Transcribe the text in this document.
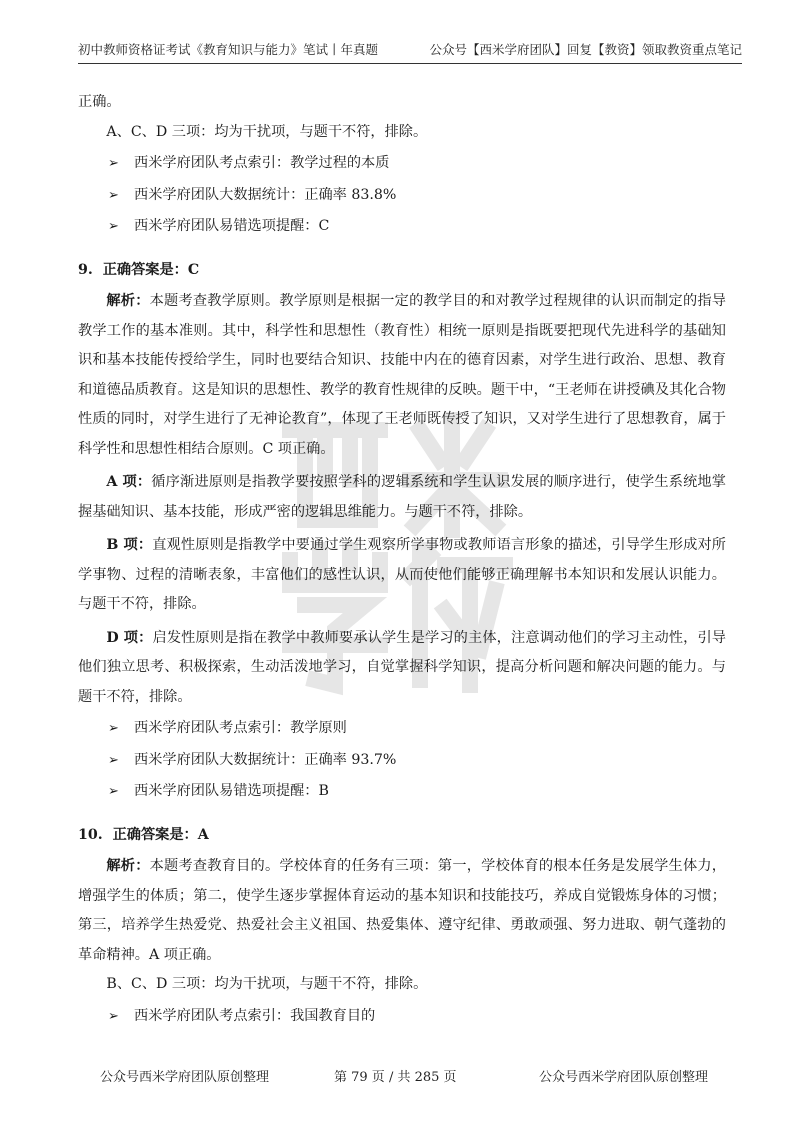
初中教师资格证考试《教育知识与能力》笔试丨年真题	公众号【西米学府团队】回复【教资】领取教资重点笔记

正确。

A、C、D 三项：均为干扰项，与题干不符，排除。

➢ 西米学府团队考点索引：教学过程的本质
➢ 西米学府团队大数据统计：正确率 83.8%
➢ 西米学府团队易错选项提醒：C

9. 正确答案是：C

解析：本题考查教学原则。教学原则是根据一定的教学目的和对教学过程规律的认识而制定的指导教学工作的基本准则。其中，科学性和思想性（教育性）相统一原则是指既要把现代先进科学的基础知识和基本技能传授给学生，同时也要结合知识、技能中内在的德育因素，对学生进行政治、思想、教育和道德品质教育。这是知识的思想性、教学的教育性规律的反映。题干中，“王老师在讲授碘及其化合物性质的同时，对学生进行了无神论教育”，体现了王老师既传授了知识，又对学生进行了思想教育，属于科学性和思想性相结合原则。C 项正确。

A 项：循序渐进原则是指教学要按照学科的逻辑系统和学生认识发展的顺序进行，使学生系统地掌握基础知识、基本技能，形成严密的逻辑思维能力。与题干不符，排除。

B 项：直观性原则是指教学中要通过学生观察所学事物或教师语言形象的描述，引导学生形成对所学事物、过程的清晰表象，丰富他们的感性认识，从而使他们能够正确理解书本知识和发展认识能力。与题干不符，排除。

D 项：启发性原则是指在教学中教师要承认学生是学习的主体，注意调动他们的学习主动性，引导他们独立思考、积极探索，生动活泼地学习，自觉掌握科学知识，提高分析问题和解决问题的能力。与题干不符，排除。

➢ 西米学府团队考点索引：教学原则
➢ 西米学府团队大数据统计：正确率 93.7%
➢ 西米学府团队易错选项提醒：B

10. 正确答案是：A

解析：本题考查教育目的。学校体育的任务有三项：第一，学校体育的根本任务是发展学生体力，增强学生的体质；第二，使学生逐步掌握体育运动的基本知识和技能技巧，养成自觉锻炼身体的习惯；第三，培养学生热爱党、热爱社会主义祖国、热爱集体、遵守纪律、勇敢顽强、努力进取、朝气蓬勃的革命精神。A 项正确。

B、C、D 三项：均为干扰项，与题干不符，排除。

➢ 西米学府团队考点索引：我国教育目的
公众号西米学府团队原创整理	第 79 页 / 共 285 页	公众号西米学府团队原创整理
